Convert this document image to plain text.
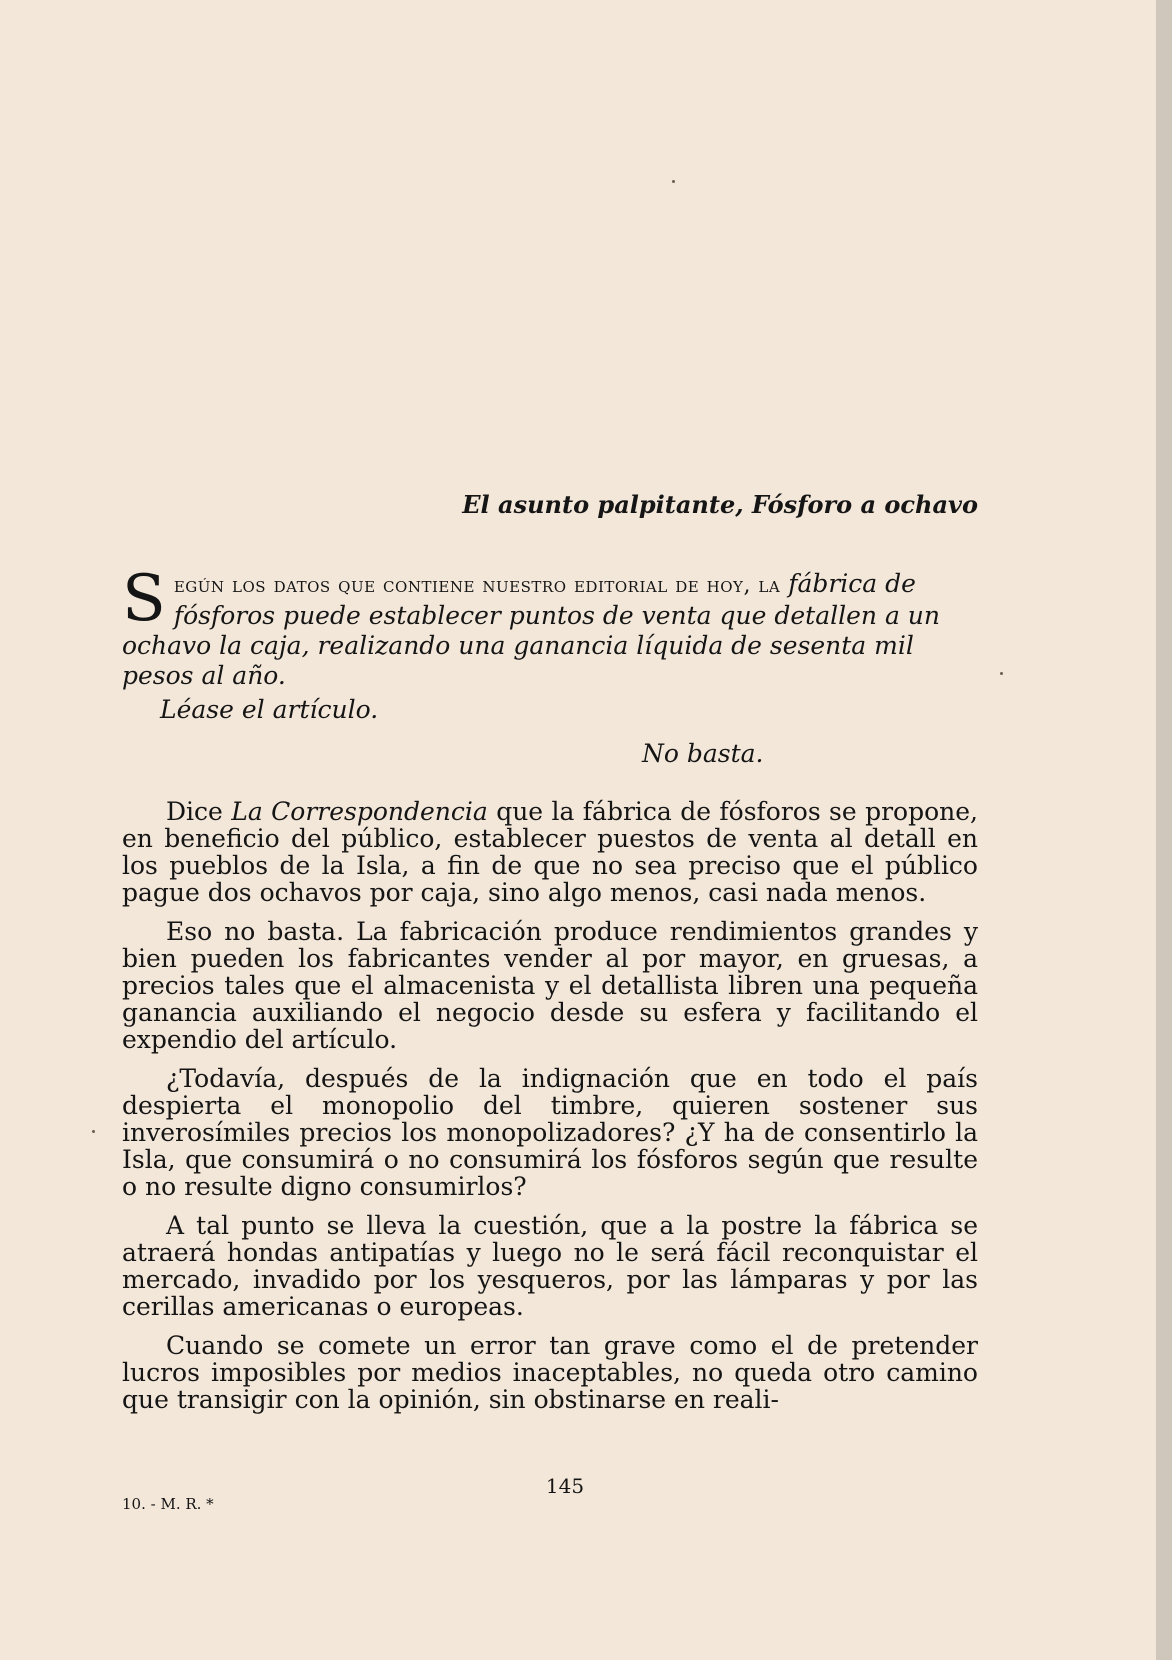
El asunto palpitante, Fósforo a ochavo

Según los datos que contiene nuestro editorial de hoy, la fábrica de fósforos puede establecer puntos de venta que detallen a un ochavo la caja, realizando una ganancia líquida de sesenta mil pesos al año.

Léase el artículo.

No basta.

Dice La Correspondencia que la fábrica de fósforos se propone, en beneficio del público, establecer puestos de venta al detall en los pueblos de la Isla, a fin de que no sea preciso que el público pague dos ochavos por caja, sino algo menos, casi nada menos.

Eso no basta. La fabricación produce rendimientos grandes y bien pueden los fabricantes vender al por mayor, en gruesas, a precios tales que el almacenista y el detallista libren una pequeña ganancia auxiliando el negocio desde su esfera y facilitando el expendio del artículo.

¿Todavía, después de la indignación que en todo el país despierta el monopolio del timbre, quieren sostener sus inverosímiles precios los monopolizadores? ¿Y ha de consentirlo la Isla, que consumirá o no consumirá los fósforos según que resulte o no resulte digno consumirlos?

A tal punto se lleva la cuestión, que a la postre la fábrica se atraerá hondas antipatías y luego no le será fácil reconquistar el mercado, invadido por los yesqueros, por las lámparas y por las cerillas americanas o europeas.

Cuando se comete un error tan grave como el de pretender lucros imposibles por medios inaceptables, no queda otro camino que transigir con la opinión, sin obstinarse en reali-

145
10. - M. R. *
